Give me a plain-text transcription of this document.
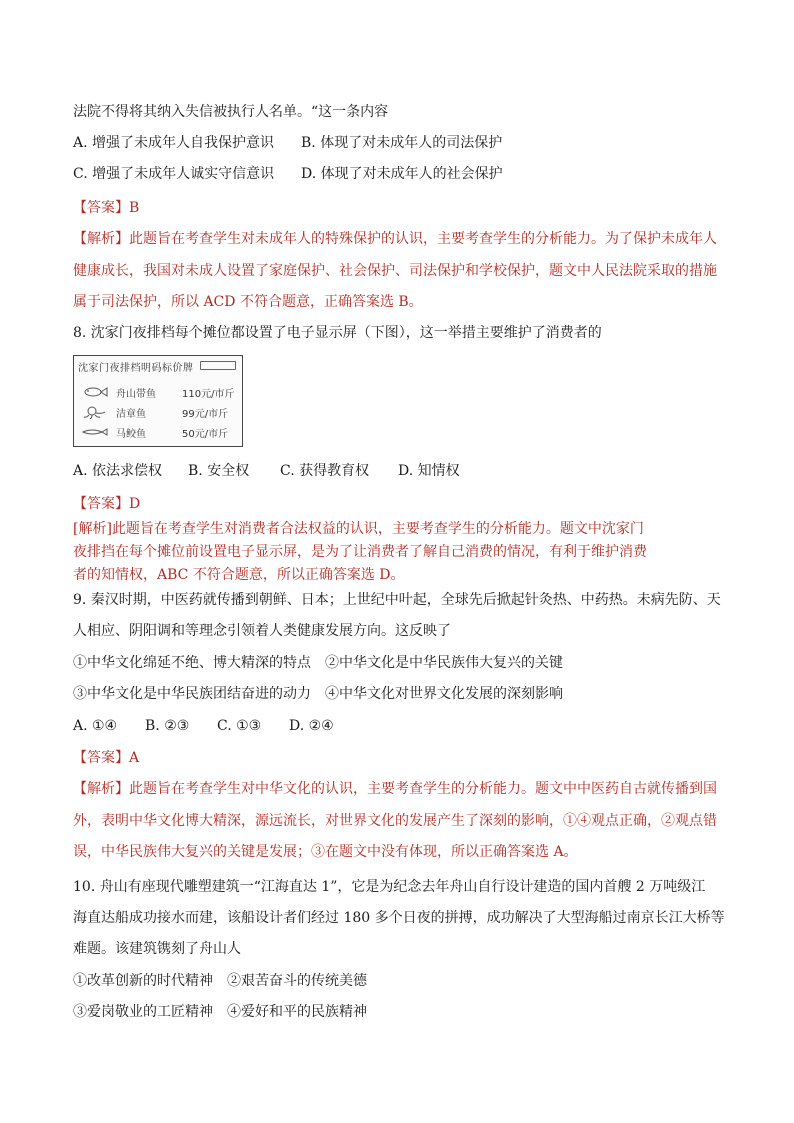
法院不得将其纳入失信被执行人名单。“这一条内容
A. 增强了未成年人自我保护意识 B. 体现了对未成年人的司法保护
C. 增强了未成年人诚实守信意识 D. 体现了对未成年人的社会保护
【答案】B
【解析】此题旨在考查学生对未成年人的特殊保护的认识，主要考查学生的分析能力。为了保护未成年人
健康成长，我国对未成人设置了家庭保护、社会保护、司法保护和学校保护，题文中人民法院采取的措施
属于司法保护，所以 ACD 不符合题意，正确答案选 B。
8. 沈家门夜排档每个摊位都设置了电子显示屏（下图），这一举措主要维护了消费者的
沈家门夜排档明码标价牌
舟山带鱼	110元/市斤
洁章鱼	99元/市斤
马鲛鱼	50元/市斤
A. 依法求偿权 B. 安全权 C. 获得教育权 D. 知情权
【答案】D
[解析]此题旨在考查学生对消费者合法权益的认识，主要考查学生的分析能力。题文中沈家门
夜排挡在每个摊位前设置电子显示屏，是为了让消费者了解自己消费的情况，有利于维护消费
者的知情权，ABC 不符合题意，所以正确答案选 D。
9. 秦汉时期，中医药就传播到朝鲜、日本；上世纪中叶起，全球先后掀起针灸热、中药热。未病先防、天
人相应、阴阳调和等理念引领着人类健康发展方向。这反映了
①中华文化绵延不绝、博大精深的特点　②中华文化是中华民族伟大复兴的关键
③中华文化是中华民族团结奋进的动力　④中华文化对世界文化发展的深刻影响
A. ①④ B. ②③ C. ①③ D. ②④
【答案】A
【解析】此题旨在考查学生对中华文化的认识，主要考查学生的分析能力。题文中中医药自古就传播到国
外，表明中华文化博大精深，源远流长，对世界文化的发展产生了深刻的影响，①④观点正确，②观点错
误，中华民族伟大复兴的关键是发展；③在题文中没有体现，所以正确答案选 A。
10. 舟山有座现代雕塑建筑一“江海直达 1”，它是为纪念去年舟山自行设计建造的国内首艘 2 万吨级江
海直达船成功接水而建，该船设计者们经过 180 多个日夜的拼搏，成功解决了大型海船过南京长江大桥等
难题。该建筑镌刻了舟山人
①改革创新的时代精神　②艰苦奋斗的传统美德
③爱岗敬业的工匠精神　④爱好和平的民族精神
